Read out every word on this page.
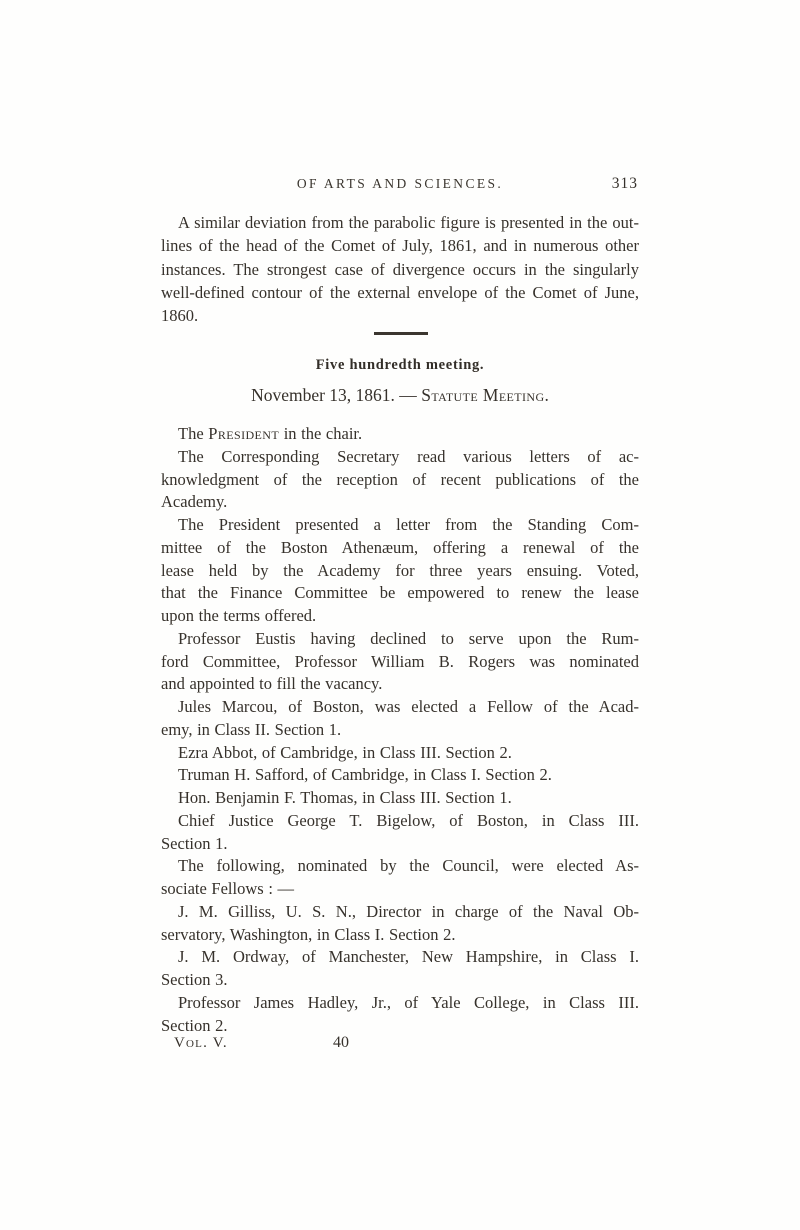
OF ARTS AND SCIENCES.	313
A similar deviation from the parabolic figure is presented in the out-
lines of the head of the Comet of July, 1861, and in numerous other
instances. The strongest case of divergence occurs in the singularly
well-defined contour of the external envelope of the Comet of June,
1860.
Five hundredth meeting.
November 13, 1861. — Statute Meeting.
The President in the chair.
The Corresponding Secretary read various letters of ac-
knowledgment of the reception of recent publications of the
Academy.
The President presented a letter from the Standing Com-
mittee of the Boston Athenæum, offering a renewal of the
lease held by the Academy for three years ensuing. Voted,
that the Finance Committee be empowered to renew the lease
upon the terms offered.
Professor Eustis having declined to serve upon the Rum-
ford Committee, Professor William B. Rogers was nominated
and appointed to fill the vacancy.
Jules Marcou, of Boston, was elected a Fellow of the Acad-
emy, in Class II. Section 1.
Ezra Abbot, of Cambridge, in Class III. Section 2.
Truman H. Safford, of Cambridge, in Class I. Section 2.
Hon. Benjamin F. Thomas, in Class III. Section 1.
Chief Justice George T. Bigelow, of Boston, in Class III.
Section 1.
The following, nominated by the Council, were elected As-
sociate Fellows : —
J. M. Gilliss, U. S. N., Director in charge of the Naval Ob-
servatory, Washington, in Class I. Section 2.
J. M. Ordway, of Manchester, New Hampshire, in Class I.
Section 3.
Professor James Hadley, Jr., of Yale College, in Class III.
Section 2.
Vol. V.	40
